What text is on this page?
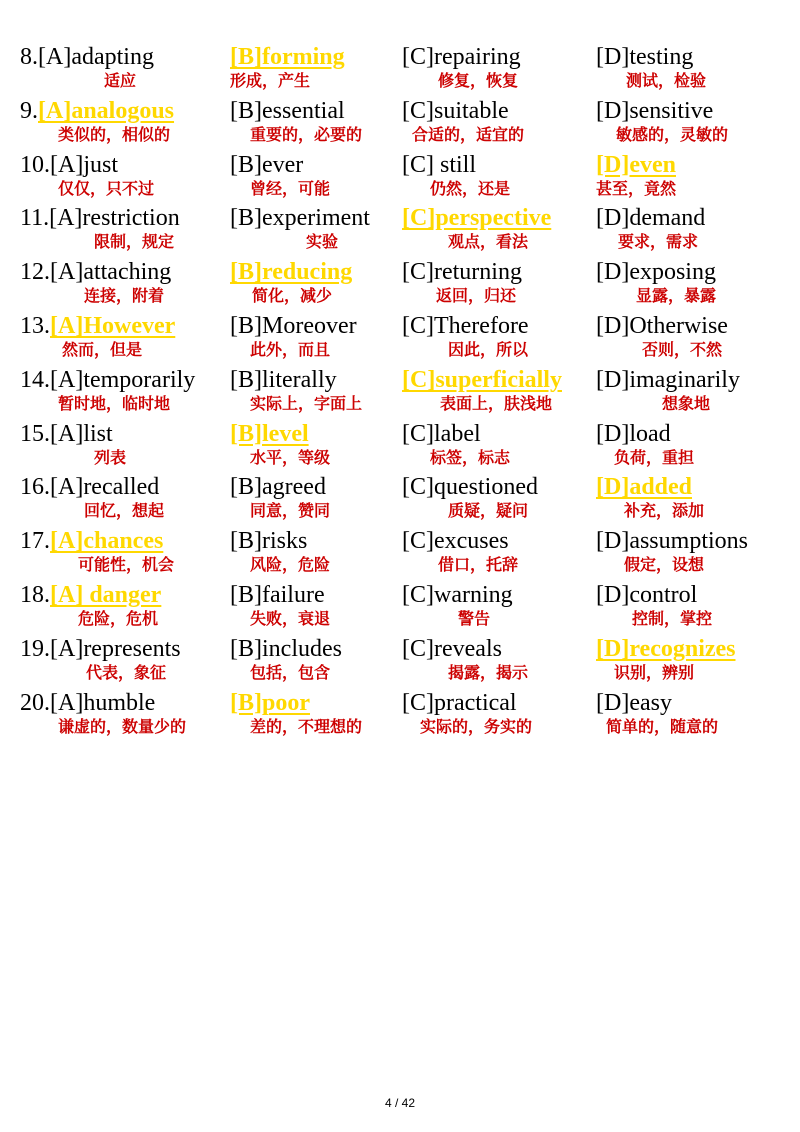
8.[A]adapting
适应
[B]forming
形成，产生
[C]repairing
修复，恢复
[D]testing
测试，检验
9.[A]analogous
类似的，相似的
[B]essential
重要的，必要的
[C]suitable
合适的，适宜的
[D]sensitive
敏感的，灵敏的
10.[A]just
仅仅，只不过
[B]ever
曾经，可能
[C] still
仍然，还是
[D]even
甚至，竟然
11.[A]restriction
限制，规定
[B]experiment
实验
[C]perspective
观点，看法
[D]demand
要求，需求
12.[A]attaching
连接，附着
[B]reducing
简化，减少
[C]returning
返回，归还
[D]exposing
显露，暴露
13.[A]However
然而，但是
[B]Moreover
此外，而且
[C]Therefore
因此，所以
[D]Otherwise
否则，不然
14.[A]temporarily
暂时地，临时地
[B]literally
实际上，字面上
[C]superficially
表面上，肤浅地
[D]imaginarily
想象地
15.[A]list
列表
[B]level
水平，等级
[C]label
标签，标志
[D]load
负荷，重担
16.[A]recalled
回忆，想起
[B]agreed
同意，赞同
[C]questioned
质疑，疑问
[D]added
补充，添加
17.[A]chances
可能性，机会
[B]risks
风险，危险
[C]excuses
借口，托辞
[D]assumptions
假定，设想
18.[A] danger
危险，危机
[B]failure
失败，衰退
[C]warning
警告
[D]control
控制，掌控
19.[A]represents
代表，象征
[B]includes
包括，包含
[C]reveals
揭露，揭示
[D]recognizes
识别，辨别
20.[A]humble
谦虚的，数量少的
[B]poor
差的，不理想的
[C]practical
实际的，务实的
[D]easy
简单的，随意的
4 / 42
